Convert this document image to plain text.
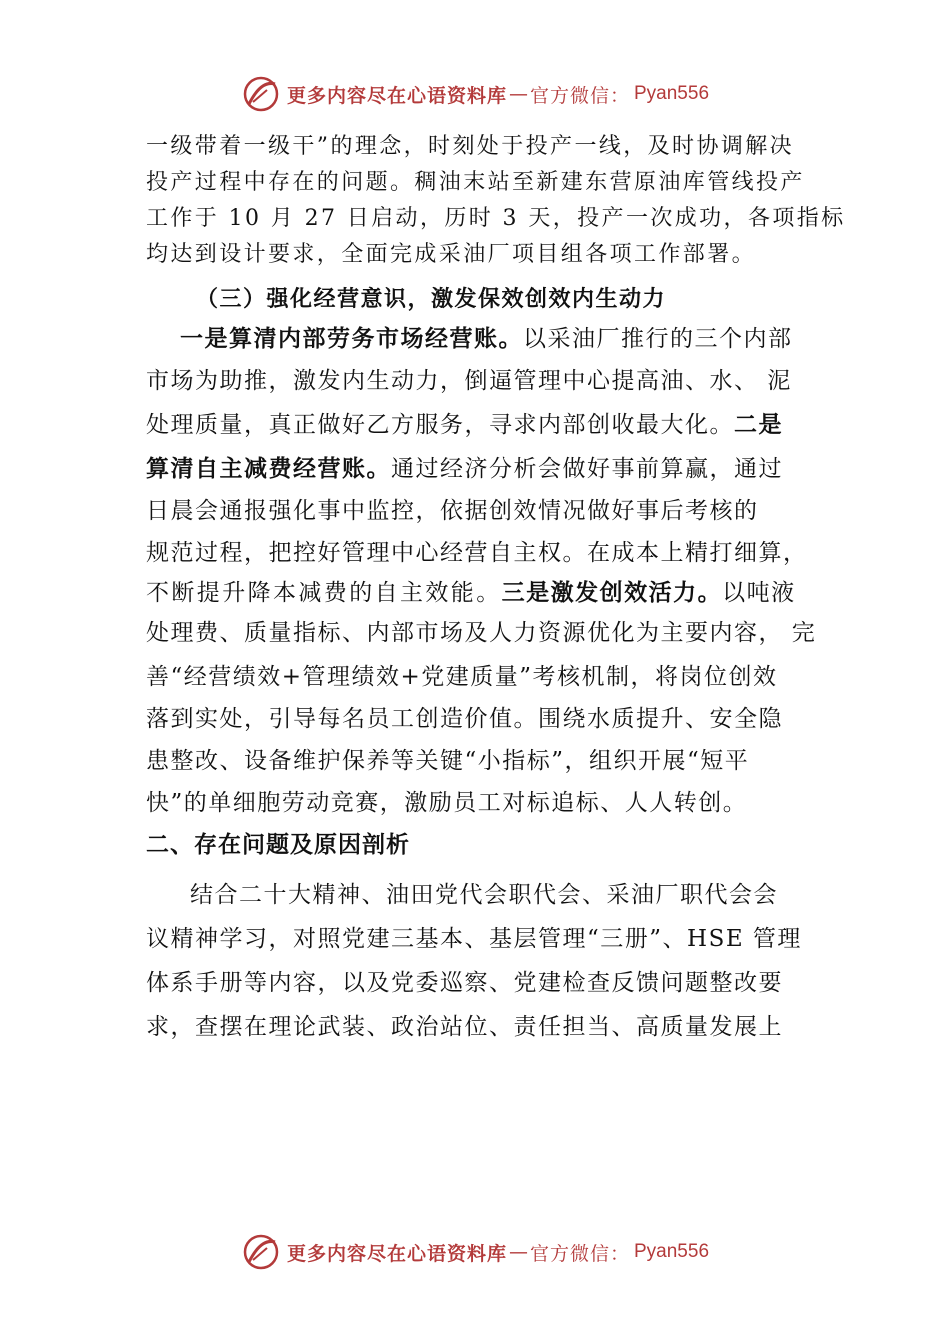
更多内容尽在心语资料库 — 官方微信： Pyan556
一级带着一级干”的理念，时刻处于投产一线，及时协调解决
投产过程中存在的问题。稠油末站至新建东营原油库管线投产
工作于 10 月 27 日启动，历时 3 天，投产一次成功，各项指标
均达到设计要求，全面完成采油厂项目组各项工作部署。
（三）强化经营意识，激发保效创效内生动力
一是算清内部劳务市场经营账。以采油厂推行的三个内部
市场为助推，激发内生动力，倒逼管理中心提高油、水、 泥
处理质量，真正做好乙方服务，寻求内部创收最大化。二是
算清自主减费经营账。通过经济分析会做好事前算赢，通过
日晨会通报强化事中监控，依据创效情况做好事后考核的
规范过程，把控好管理中心经营自主权。在成本上精打细算，
不断提升降本减费的自主效能。三是激发创效活力。以吨液
处理费、质量指标、内部市场及人力资源优化为主要内容， 完
善“经营绩效+管理绩效+党建质量”考核机制，将岗位创效
落到实处，引导每名员工创造价值。围绕水质提升、安全隐
患整改、设备维护保养等关键“小指标”，组织开展“短平
快”的单细胞劳动竞赛，激励员工对标追标、人人转创。
二、存在问题及原因剖析
结合二十大精神、油田党代会职代会、采油厂职代会会
议精神学习，对照党建三基本、基层管理“三册”、HSE 管理
体系手册等内容，以及党委巡察、党建检查反馈问题整改要
求，查摆在理论武装、政治站位、责任担当、高质量发展上
更多内容尽在心语资料库 — 官方微信： Pyan556
